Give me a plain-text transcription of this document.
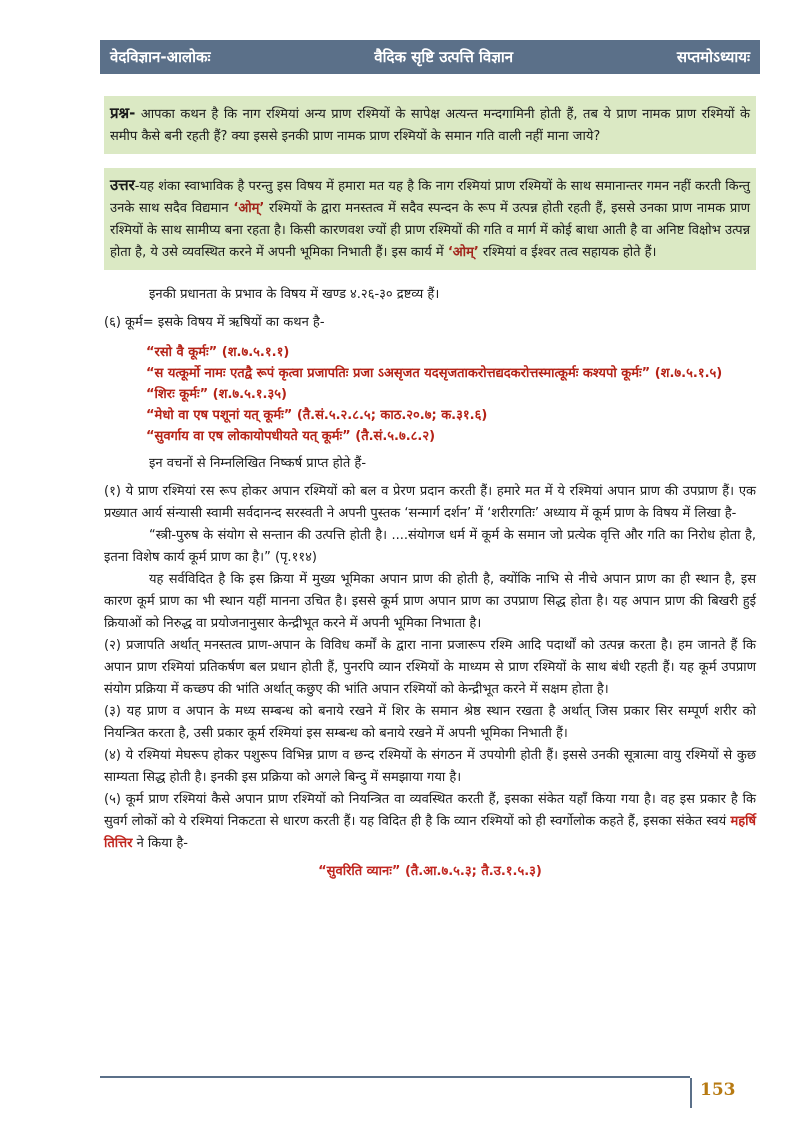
वेदविज्ञान-आलोकः	वैदिक सृष्टि उत्पत्ति विज्ञान	सप्तमोऽध्यायः

प्रश्न- आपका कथन है कि नाग रश्मियां अन्य प्राण रश्मियों के सापेक्ष अत्यन्त मन्दगामिनी होती हैं, तब ये प्राण नामक प्राण रश्मियों के समीप कैसे बनी रहती हैं? क्या इससे इनकी प्राण नामक प्राण रश्मियों के समान गति वाली नहीं माना जाये?

उत्तर-यह शंका स्वाभाविक है परन्तु इस विषय में हमारा मत यह है कि नाग रश्मियां प्राण रश्मियों के साथ समानान्तर गमन नहीं करती किन्तु उनके साथ सदैव विद्यमान ‘ओम्’ रश्मियों के द्वारा मनस्तत्व में सदैव स्पन्दन के रूप में उत्पन्न होती रहती हैं, इससे उनका प्राण नामक प्राण रश्मियों के साथ सामीप्य बना रहता है। किसी कारणवश ज्यों ही प्राण रश्मियों की गति व मार्ग में कोई बाधा आती है वा अनिष्ट विक्षोभ उत्पन्न होता है, ये उसे व्यवस्थित करने में अपनी भूमिका निभाती हैं। इस कार्य में ‘ओम्’ रश्मियां व ईश्वर तत्व सहायक होते हैं।

इनकी प्रधानता के प्रभाव के विषय में खण्ड ४.२६-३० द्रष्टव्य हैं।

(६) कूर्म= इसके विषय में ऋषियों का कथन है-

“रसो वै कूर्मः” (श.७.५.१.१)
“स यत्कूर्मो नामः एतद्वै रूपं कृत्वा प्रजापतिः प्रजा ऽअसृजत यदसृजताकरोत्तद्यदकरोत्तस्मात्कूर्मः कश्यपो कूर्मः” (श.७.५.१.५)
“शिरः कूर्मः” (श.७.५.१.३५)
“मेधो वा एष पशूनां यत् कूर्मः” (तै.सं.५.२.८.५; काठ.२०.७; क.३१.६)
“सुवर्गाय वा एष लोकायोपधीयते यत् कूर्मः” (तै.सं.५.७.८.२)

इन वचनों से निम्नलिखित निष्कर्ष प्राप्त होते हैं-

(१) ये प्राण रश्मियां रस रूप होकर अपान रश्मियों को बल व प्रेरण प्रदान करती हैं। हमारे मत में ये रश्मियां अपान प्राण की उपप्राण हैं। एक प्रख्यात आर्य संन्यासी स्वामी सर्वदानन्द सरस्वती ने अपनी पुस्तक ‘सन्मार्ग दर्शन’ में ‘शरीरगतिः’ अध्याय में कूर्म प्राण के विषय में लिखा है-

“स्त्री-पुरुष के संयोग से सन्तान की उत्पत्ति होती है। ....संयोगज धर्म में कूर्म के समान जो प्रत्येक वृत्ति और गति का निरोध होता है, इतना विशेष कार्य कूर्म प्राण का है।” (पृ.११४)

यह सर्वविदित है कि इस क्रिया में मुख्य भूमिका अपान प्राण की होती है, क्योंकि नाभि से नीचे अपान प्राण का ही स्थान है, इस कारण कूर्म प्राण का भी स्थान यहीं मानना उचित है। इससे कूर्म प्राण अपान प्राण का उपप्राण सिद्ध होता है। यह अपान प्राण की बिखरी हुई क्रियाओं को निरुद्ध वा प्रयोजनानुसार केन्द्रीभूत करने में अपनी भूमिका निभाता है।

(२) प्रजापति अर्थात् मनस्तत्व प्राण-अपान के विविध कर्मों के द्वारा नाना प्रजारूप रश्मि आदि पदार्थों को उत्पन्न करता है। हम जानते हैं कि अपान प्राण रश्मियां प्रतिकर्षण बल प्रधान होती हैं, पुनरपि व्यान रश्मियों के माध्यम से प्राण रश्मियों के साथ बंधी रहती हैं। यह कूर्म उपप्राण संयोग प्रक्रिया में कच्छप की भांति अर्थात् कछुए की भांति अपान रश्मियों को केन्द्रीभूत करने में सक्षम होता है।

(३) यह प्राण व अपान के मध्य सम्बन्ध को बनाये रखने में शिर के समान श्रेष्ठ स्थान रखता है अर्थात् जिस प्रकार सिर सम्पूर्ण शरीर को नियन्त्रित करता है, उसी प्रकार कूर्म रश्मियां इस सम्बन्ध को बनाये रखने में अपनी भूमिका निभाती हैं।

(४) ये रश्मियां मेघरूप होकर पशुरूप विभिन्न प्राण व छन्द रश्मियों के संगठन में उपयोगी होती हैं। इससे उनकी सूत्रात्मा वायु रश्मियों से कुछ साम्यता सिद्ध होती है। इनकी इस प्रक्रिया को अगले बिन्दु में समझाया गया है।

(५) कूर्म प्राण रश्मियां कैसे अपान प्राण रश्मियों को नियन्त्रित वा व्यवस्थित करती हैं, इसका संकेत यहाँ किया गया है। वह इस प्रकार है कि सुवर्ग लोकों को ये रश्मियां निकटता से धारण करती हैं। यह विदित ही है कि व्यान रश्मियों को ही स्वर्गोलोक कहते हैं, इसका संकेत स्वयं महर्षि तित्तिर ने किया है-

“सुवरिति व्यानः” (तै.आ.७.५.३; तै.उ.१.५.३)
153
